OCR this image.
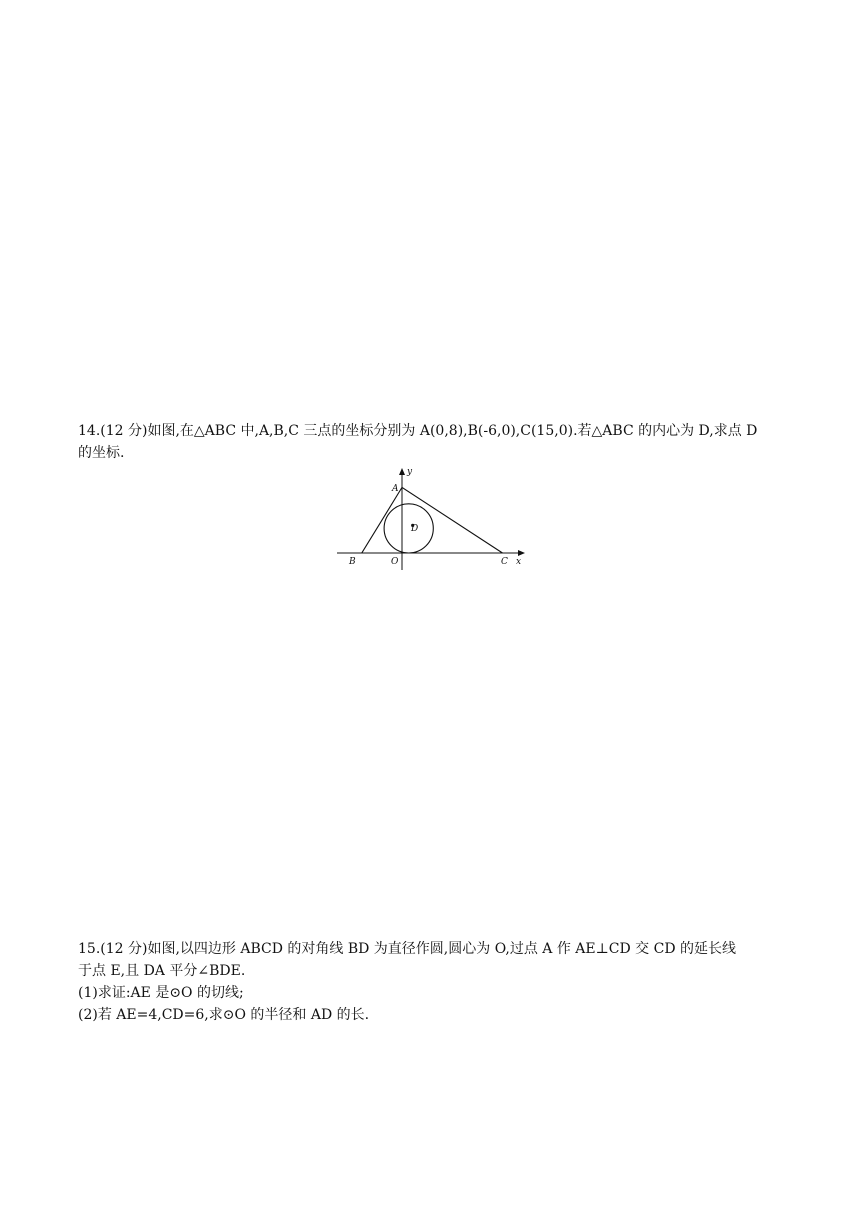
14.(12 分)如图,在△ABC 中,A,B,C 三点的坐标分别为 A(0,8),B(-6,0),C(15,0).若△ABC 的内心为 D,求点 D

的坐标.

y
A
D
B	O	C x

15.(12 分)如图,以四边形 ABCD 的对角线 BD 为直径作圆,圆心为 O,过点 A 作 AE⊥CD 交 CD 的延长线

于点 E,且 DA 平分∠BDE.

(1)求证:AE 是⊙O 的切线;

(2)若 AE=4,CD=6,求⊙O 的半径和 AD 的长.
